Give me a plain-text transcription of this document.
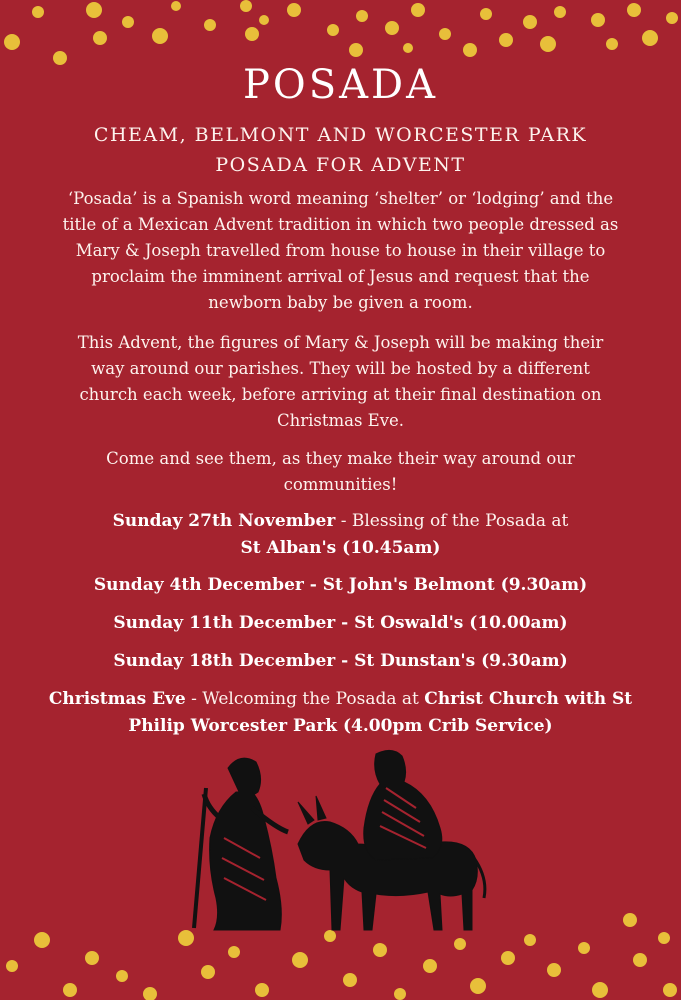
POSADA

CHEAM, BELMONT AND WORCESTER PARK

POSADA FOR ADVENT

‘Posada’ is a Spanish word meaning ‘shelter’ or ‘lodging’ and the title of a Mexican Advent tradition in which two people dressed as Mary & Joseph travelled from house to house in their village to proclaim the imminent arrival of Jesus and request that the newborn baby be given a room.

This Advent, the figures of Mary & Joseph will be making their way around our parishes. They will be hosted by a different church each week, before arriving at their final destination on Christmas Eve.

Come and see them, as they make their way around our communities!

Sunday 27th November - Blessing of the Posada at St Alban's (10.45am)

Sunday 4th December - St John's Belmont (9.30am)

Sunday 11th December - St Oswald's (10.00am)

Sunday 18th December - St Dunstan's (9.30am)

Christmas Eve - Welcoming the Posada at Christ Church with St Philip Worcester Park (4.00pm Crib Service)
